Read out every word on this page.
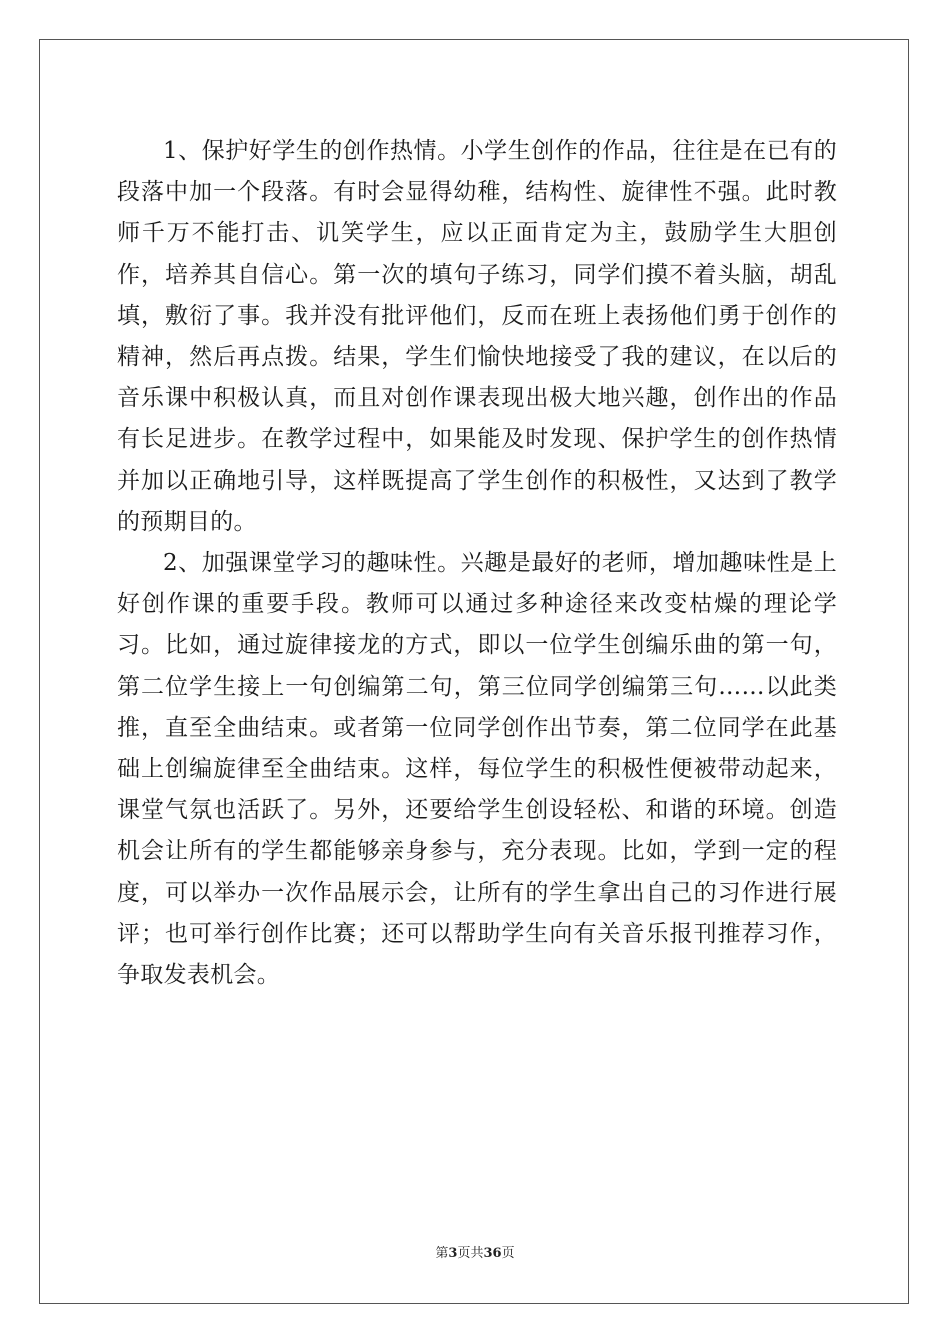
1、保护好学生的创作热情。小学生创作的作品，往往是在已有的段落中加一个段落。有时会显得幼稚，结构性、旋律性不强。此时教师千万不能打击、讥笑学生，应以正面肯定为主，鼓励学生大胆创作，培养其自信心。第一次的填句子练习，同学们摸不着头脑，胡乱填，敷衍了事。我并没有批评他们，反而在班上表扬他们勇于创作的精神，然后再点拨。结果，学生们愉快地接受了我的建议，在以后的音乐课中积极认真，而且对创作课表现出极大地兴趣，创作出的作品有长足进步。在教学过程中，如果能及时发现、保护学生的创作热情并加以正确地引导，这样既提高了学生创作的积极性，又达到了教学的预期目的。

2、加强课堂学习的趣味性。兴趣是最好的老师，增加趣味性是上好创作课的重要手段。教师可以通过多种途径来改变枯燥的理论学习。比如，通过旋律接龙的方式，即以一位学生创编乐曲的第一句，第二位学生接上一句创编第二句，第三位同学创编第三句……以此类推，直至全曲结束。或者第一位同学创作出节奏，第二位同学在此基础上创编旋律至全曲结束。这样，每位学生的积极性便被带动起来，课堂气氛也活跃了。另外，还要给学生创设轻松、和谐的环境。创造机会让所有的学生都能够亲身参与，充分表现。比如，学到一定的程度，可以举办一次作品展示会，让所有的学生拿出自己的习作进行展评；也可举行创作比赛；还可以帮助学生向有关音乐报刊推荐习作，争取发表机会。

第3页共36页
